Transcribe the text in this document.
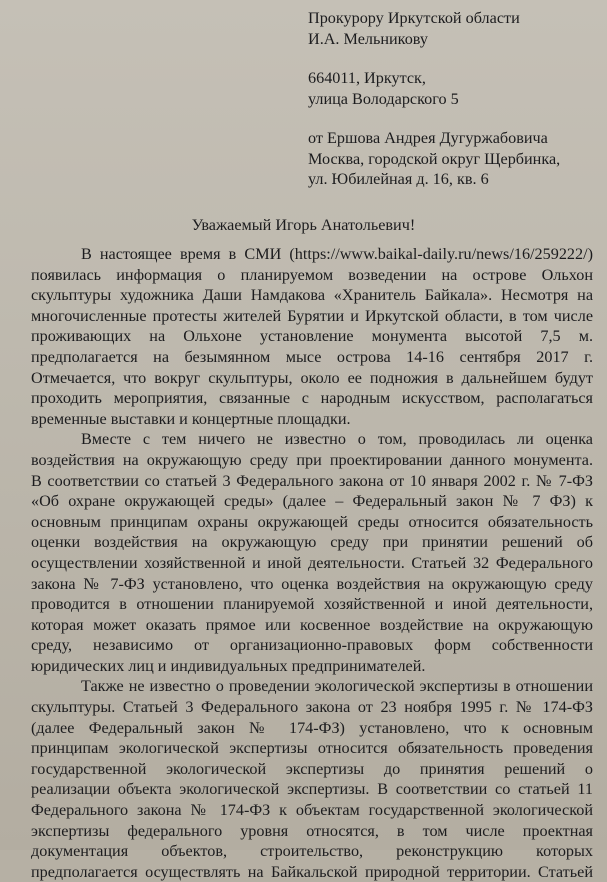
Прокурору Иркутской области
И.А. Мельникову
664011, Иркутск,
улица Володарского 5
от Ершова Андрея Дугуржабовича
Москва, городской округ Щербинка,
ул. Юбилейная д. 16, кв. 6
Уважаемый Игорь Анатольевич!
В настоящее время в СМИ (https://www.baikal-daily.ru/news/16/259222/)
появилась информация о планируемом возведении на острове Ольхон
скульптуры художника Даши Намдакова «Хранитель Байкала». Несмотря на
многочисленные протесты жителей Бурятии и Иркутской области, в том числе
проживающих на Ольхоне установление монумента высотой 7,5 м.
предполагается на безымянном мысе острова 14-16 сентября 2017 г.
Отмечается, что вокруг скульптуры, около ее подножия в дальнейшем будут
проходить мероприятия, связанные с народным искусством, располагаться
временные выставки и концертные площадки.
Вместе с тем ничего не известно о том, проводилась ли оценка
воздействия на окружающую среду при проектировании данного монумента.
В соответствии со статьей 3 Федерального закона от 10 января 2002 г. № 7-ФЗ
«Об охране окружающей среды» (далее – Федеральный закон № 7 ФЗ) к
основным принципам охраны окружающей среды относится обязательность
оценки воздействия на окружающую среду при принятии решений об
осуществлении хозяйственной и иной деятельности. Статьей 32 Федерального
закона № 7-ФЗ установлено, что оценка воздействия на окружающую среду
проводится в отношении планируемой хозяйственной и иной деятельности,
которая может оказать прямое или косвенное воздействие на окружающую
среду, независимо от организационно-правовых форм собственности
юридических лиц и индивидуальных предпринимателей.
Также не известно о проведении экологической экспертизы в отношении
скульптуры. Статьей 3 Федерального закона от 23 ноября 1995 г. № 174-ФЗ
(далее Федеральный закон № 174-ФЗ) установлено, что к основным
принципам экологической экспертизы относится обязательность проведения
государственной экологической экспертизы до принятия решений о
реализации объекта экологической экспертизы. В соответствии со статьей 11
Федерального закона № 174-ФЗ к объектам государственной экологической
экспертизы федерального уровня относятся, в том числе проектная
документация объектов, строительство, реконструкцию которых
предполагается осуществлять на Байкальской природной территории. Статьей
